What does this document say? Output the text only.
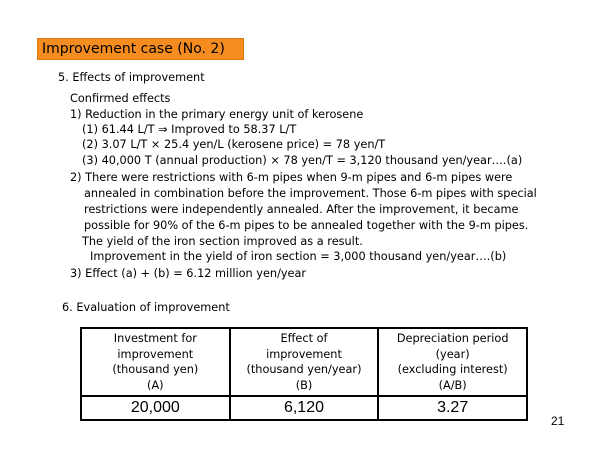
Improvement case (No. 2)
5. Effects of improvement
Confirmed effects
1) Reduction in the primary energy unit of kerosene
(1) 61.44 L/T ⇒ Improved to 58.37 L/T
(2) 3.07 L/T × 25.4 yen/L (kerosene price) = 78 yen/T
(3) 40,000 T (annual production) × 78 yen/T = 3,120 thousand yen/year….(a)
2) There were restrictions with 6-m pipes when 9-m pipes and 6-m pipes were
annealed in combination before the improvement. Those 6-m pipes with special
restrictions were independently annealed. After the improvement, it became
possible for 90% of the 6-m pipes to be annealed together with the 9-m pipes.
The yield of the iron section improved as a result.
Improvement in the yield of iron section = 3,000 thousand yen/year….(b)
3) Effect (a) + (b) = 6.12 million yen/year
6. Evaluation of improvement
Investment for
improvement
(thousand yen)
(A)	Effect of
improvement
(thousand yen/year)
(B)	Depreciation period
(year)
(excluding interest)
(A/B)

20,000	6,120	3.27
21
